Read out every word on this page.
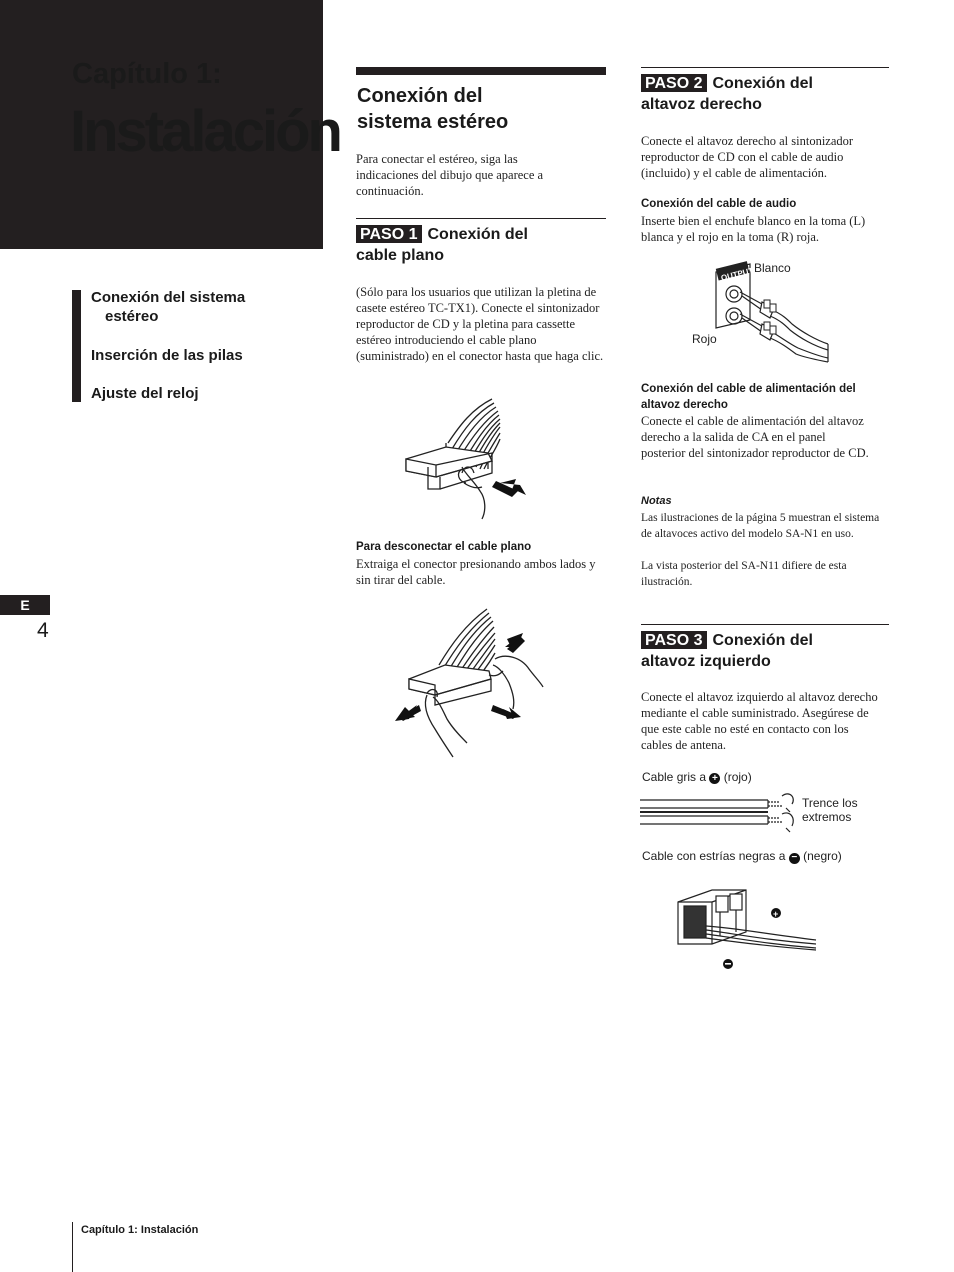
Capítulo 1:
Instalación
Conexión del sistema
estéreo
Inserción de las pilas
Ajuste del reloj
E
4
Conexión del
sistema estéreo
Para conectar el estéreo, siga las indicaciones del dibujo que aparece a continuación.
PASO 1 Conexión del
cable plano
(Sólo para los usuarios que utilizan la pletina de casete estéreo TC-TX1). Conecte el sintonizador reproductor de CD y la pletina para cassette estéreo introduciendo el cable plano (suministrado) en el conector hasta que haga clic.
Para desconectar el cable plano
Extraiga el conector presionando ambos lados y sin tirar del cable.
PASO 2 Conexión del
altavoz derecho
Conecte el altavoz derecho al sintonizador reproductor de CD con el cable de audio (incluido) y el cable de alimentación.
Conexión del cable de audio
Inserte bien el enchufe blanco en la toma (L) blanca y el rojo en la toma (R) roja.
OUTPUT Blanco
Rojo
Conexión del cable de alimentación del altavoz derecho
Conecte el cable de alimentación del altavoz derecho a la salida de CA en el panel posterior del sintonizador reproductor de CD.
Notas
Las ilustraciones de la página 5 muestran el sistema de altavoces activo del modelo SA-N1 en uso.
La vista posterior del SA-N11 difiere de esta ilustración.
PASO 3 Conexión del
altavoz izquierdo
Conecte el altavoz izquierdo al altavoz derecho mediante el cable suministrado. Asegúrese de que este cable no esté en contacto con los cables de antena.
Cable gris a + (rojo)
Trence los extremos
Cable con estrías negras a − (negro)
+
Capítulo 1: Instalación
